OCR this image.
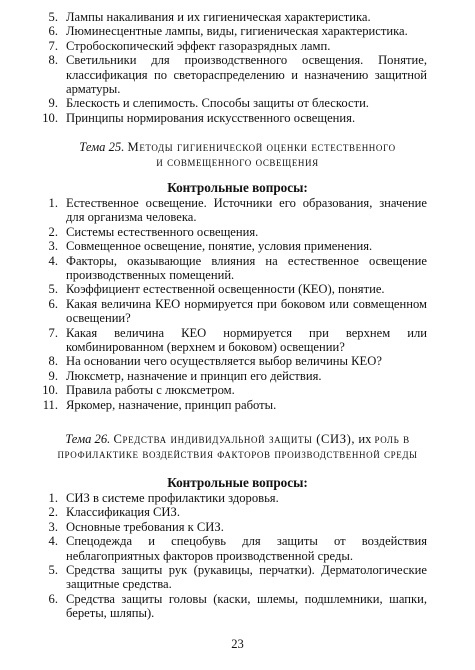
5. Лампы накаливания и их гигиеническая характеристика.
6. Люминесцентные лампы, виды, гигиеническая характеристика.
7. Стробоскопический эффект газоразрядных ламп.
8. Светильники для производственного освещения. Понятие, классификация по светораспределению и назначению защитной арматуры.
9. Блескость и слепимость. Способы защиты от блескости.
10. Принципы нормирования искусственного освещения.
Тема 25. Методы гигиенической оценки естественного
и совмещенного освещения
Контрольные вопросы:
1. Естественное освещение. Источники его образования, значение для организма человека.
2. Системы естественного освещения.
3. Совмещенное освещение, понятие, условия применения.
4. Факторы, оказывающие влияния на естественное освещение производственных помещений.
5. Коэффициент естественной освещенности (КЕО), понятие.
6. Какая величина КЕО нормируется при боковом или совмещенном освещении?
7. Какая величина КЕО нормируется при верхнем или комбинированном (верхнем и боковом) освещении?
8. На основании чего осуществляется выбор величины КЕО?
9. Люксметр, назначение и принцип его действия.
10. Правила работы с люксметром.
11. Яркомер, назначение, принцип работы.
Тема 26. Средства индивидуальной защиты (СИЗ), их роль в
профилактике воздействия факторов производственной среды
Контрольные вопросы:
1. СИЗ в системе профилактики здоровья.
2. Классификация СИЗ.
3. Основные требования к СИЗ.
4. Спецодежда и спецобувь для защиты от воздействия неблагоприятных факторов производственной среды.
5. Средства защиты рук (рукавицы, перчатки). Дерматологические защитные средства.
6. Средства защиты головы (каски, шлемы, подшлемники, шапки, береты, шляпы).
23
